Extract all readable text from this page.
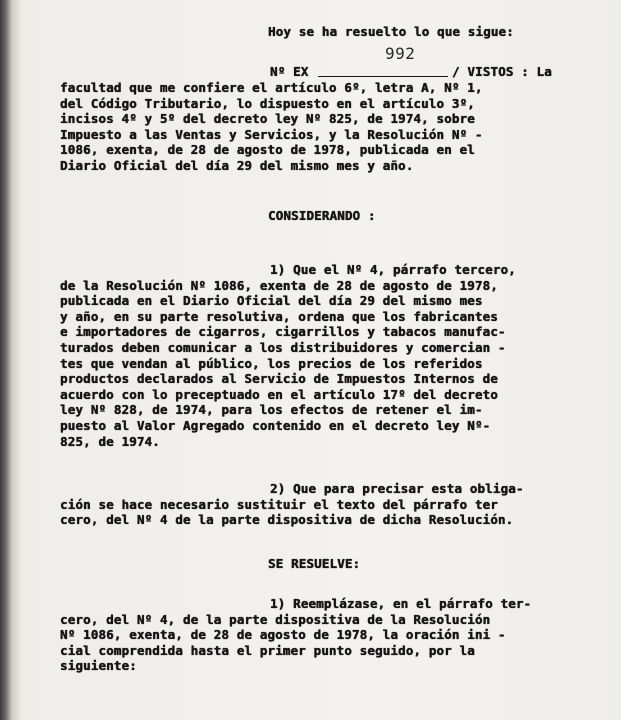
Hoy se ha resuelto lo que sigue:

992

Nº EX	/ VISTOS : La

facultad que me confiere el artículo 6º, letra A, Nº 1,
del Código Tributario, lo dispuesto en el artículo 3º,
incisos 4º y 5º del decreto ley Nº 825, de 1974, sobre
Impuesto a las Ventas y Servicios, y la Resolución Nº -
1086, exenta, de 28 de agosto de 1978, publicada en el
Diario Oficial del día 29 del mismo mes y año.

CONSIDERANDO :

1) Que el Nº 4, párrafo tercero,
de la Resolución Nº 1086, exenta de 28 de agosto de 1978,
publicada en el Diario Oficial del día 29 del mismo mes
y año, en su parte resolutiva, ordena que los fabricantes
e importadores de cigarros, cigarrillos y tabacos manufac-
turados deben comunicar a los distribuidores y comercian -
tes que vendan al público, los precios de los referidos
productos declarados al Servicio de Impuestos Internos de
acuerdo con lo preceptuado en el artículo 17º del decreto
ley Nº 828, de 1974, para los efectos de retener el im-
puesto al Valor Agregado contenido en el decreto ley Nº-
825, de 1974.

2) Que para precisar esta obliga-
ción se hace necesario sustituir el texto del párrafo ter
cero, del Nº 4 de la parte dispositiva de dicha Resolución.

SE RESUELVE:

1) Reemplázase, en el párrafo ter-
cero, del Nº 4, de la parte dispositiva de la Resolución
Nº 1086, exenta, de 28 de agosto de 1978, la oración ini -
cial comprendida hasta el primer punto seguido, por la
siguiente:
